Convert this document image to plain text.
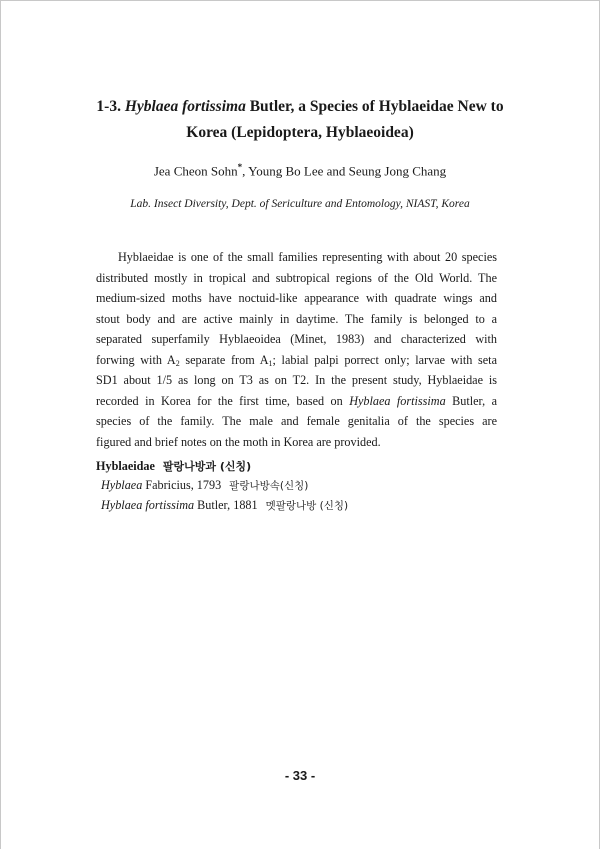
1-3. Hyblaea fortissima Butler, a Species of Hyblaeidae New to
Korea (Lepidoptera, Hyblaeoidea)
Jea Cheon Sohn*, Young Bo Lee and Seung Jong Chang
Lab. Insect Diversity, Dept. of Sericulture and Entomology, NIAST, Korea
Hyblaeidae is one of the small families representing with about 20 species
distributed mostly in tropical and subtropical regions of the Old World. The
medium-sized moths have noctuid-like appearance with quadrate wings and
stout body and are active mainly in daytime. The family is belonged to a
separated superfamily Hyblaeoidea (Minet, 1983) and characterized with
forwing with $A_2$ separate from $A_1$; labial palpi porrect only; larvae with seta
SD1 about 1/5 as long on T3 as on T2. In the present study, Hyblaeidae is
recorded in Korea for the first time, based on Hyblaea fortissima Butler, a
species of the family. The male and female genitalia of the species are
figured and brief notes on the moth in Korea are provided.
Hyblaeidae 팔랑나방과 (신칭)
Hyblaea Fabricius, 1793 팔랑나방속(신칭)
Hyblaea fortissima Butler, 1881 멧팔랑나방 (신칭)
- 33 -
